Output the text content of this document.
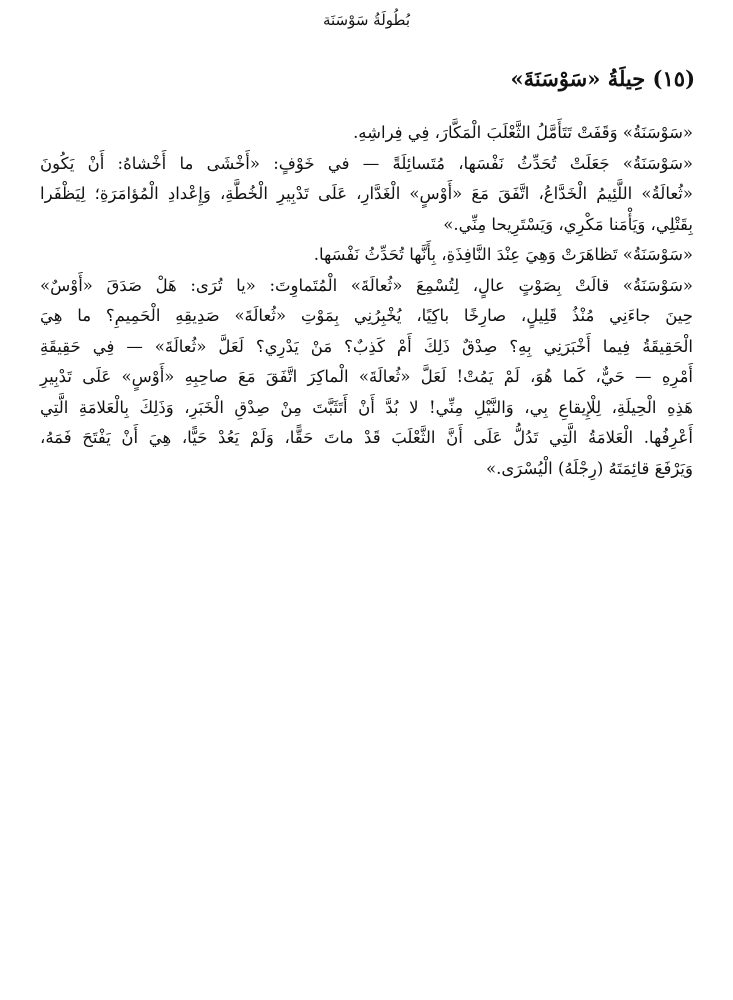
بُطُولَةُ سَوْسَنَة
(١٥) حِيلَةُ «سَوْسَنَةَ»
«سَوْسَنَةُ» وَقَفَتْ تَتَأَمَّلُ الثَّعْلَبَ الْمَكَّارَ، فِي فِراشِهِ.
«سَوْسَنَةُ» جَعَلَتْ تُحَدِّثُ نَفْسَها، مُتَسائِلَةً — في خَوْفٍ: «أَخْشَى ما أَخْشاهُ: أَنْ يَكُونَ
«ثُعالَةُ» اللَّئِيمُ الْخَدَّاعُ، اتَّفَقَ مَعَ «أَوْسٍ» الْغَدَّارِ، عَلَى تَدْبِيرِ الْخُطَّةِ، وَإِعْدادِ الْمُؤامَرَةِ؛ لِيَظْفَرا
بِقَتْلِي، وَيَأْمَنا مَكْرِي، وَيَسْتَرِيحا مِنِّي.»
«سَوْسَنَةُ» تَظاهَرَتْ وَهِيَ عِنْدَ النَّافِذَةِ، بِأَنَّها تُحَدِّثُ نَفْسَها.
«سَوْسَنَةُ» قالَتْ بِصَوْتٍ عالٍ، لِتُسْمِعَ «ثُعالَةَ» الْمُتَماوِتَ: «يا تُرَى: هَلْ صَدَقَ «أَوْسٌ»
حِينَ جاءَنِي مُنْذُ قَلِيلٍ، صارِخًا باكِيًا، يُخْبِرُنِي بِمَوْتِ «ثُعالَةَ» صَدِيقِهِ الْحَمِيمِ؟ ما هِيَ
الْحَقِيقَةُ فِيما أَخْبَرَنِي بِهِ؟ صِدْقٌ ذَلِكَ أَمْ كَذِبٌ؟ مَنْ يَدْرِي؟ لَعَلَّ «ثُعالَةَ» — فِي حَقِيقَةِ
أَمْرِهِ — حَيٌّ، كَما هُوَ، لَمْ يَمُتْ! لَعَلَّ «ثُعالَةَ» الْماكِرَ اتَّفَقَ مَعَ صاحِبِهِ «أَوْسٍ» عَلَى تَدْبِيرِ
هَذِهِ الْحِيلَةِ، لِلْإِيقاعِ بِي، وَالنَّيْلِ مِنِّي! لا بُدَّ أَنْ أَتَثَبَّتَ مِنْ صِدْقِ الْخَبَرِ، وَذَلِكَ بِالْعَلامَةِ الَّتِي
أَعْرِفُها. الْعَلامَةُ الَّتِي تَدُلُّ عَلَى أَنَّ الثَّعْلَبَ قَدْ ماتَ حَقًّا، وَلَمْ يَعُدْ حَيًّا، هِيَ أَنْ يَفْتَحَ فَمَهُ،
وَيَرْفَعَ قائِمَتَهُ (رِجْلَهُ) الْيُسْرَى.»
